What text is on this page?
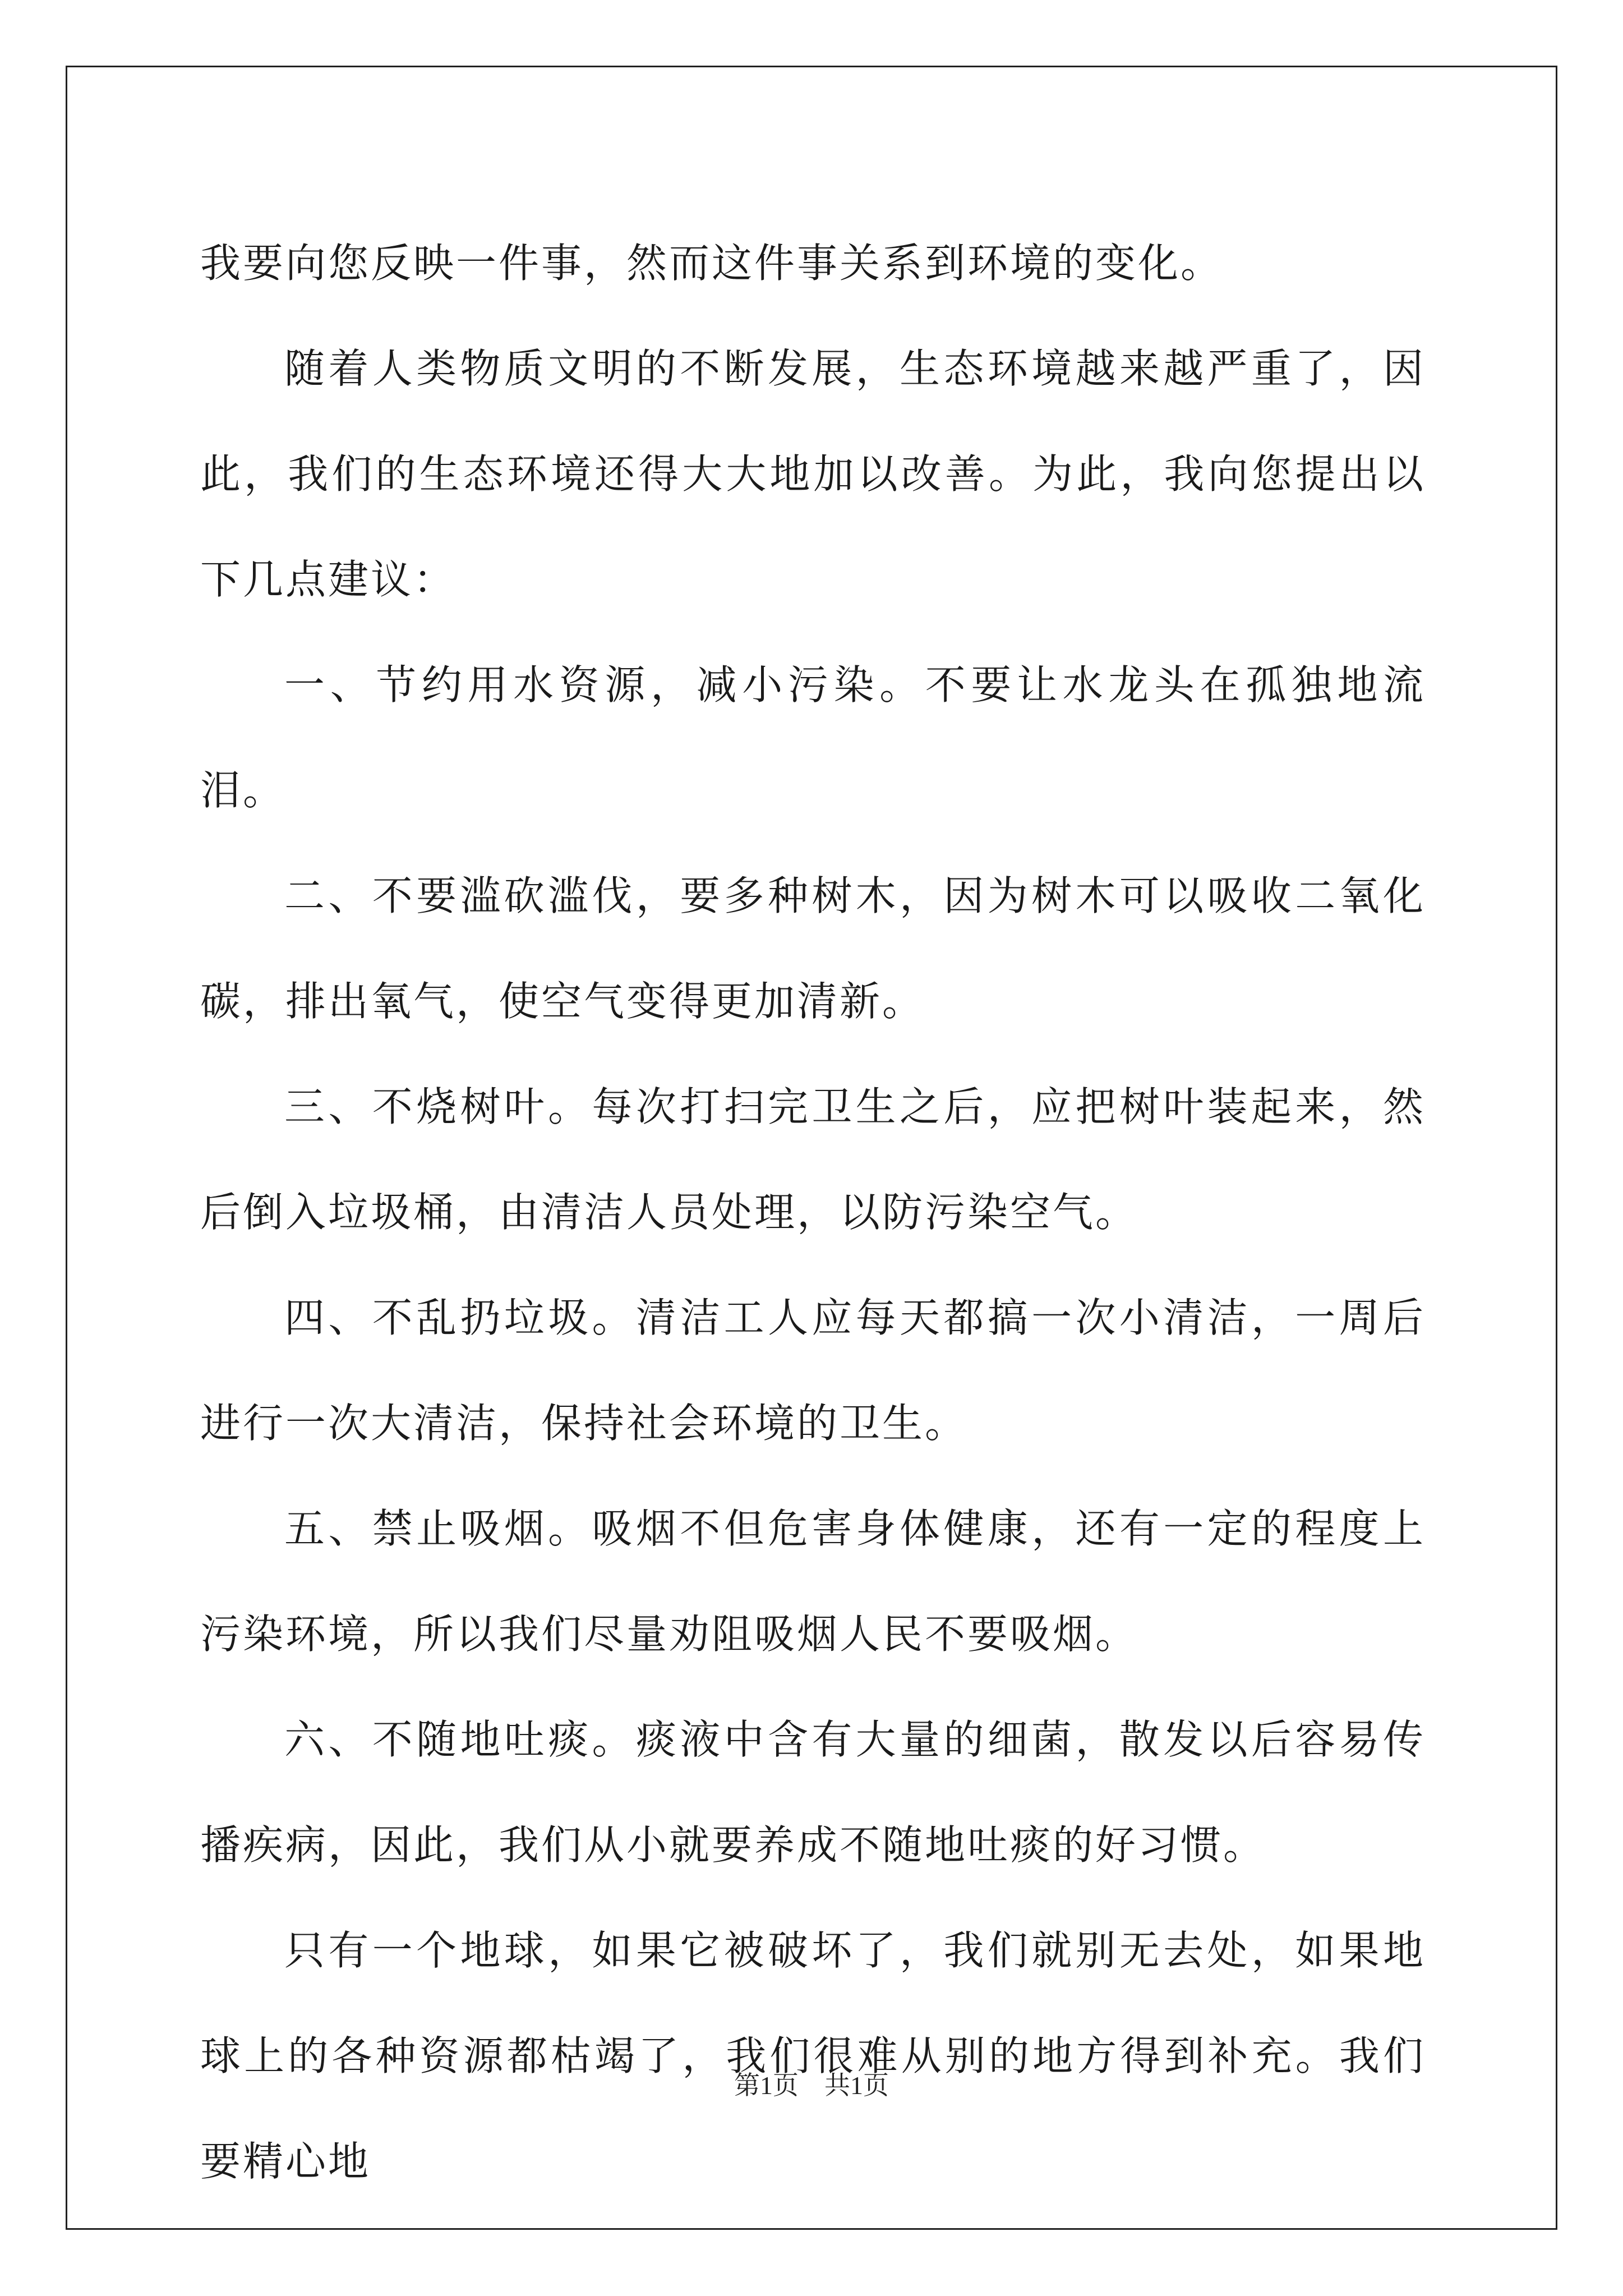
我要向您反映一件事，然而这件事关系到环境的变化。

随着人类物质文明的不断发展，生态环境越来越严重了，因此，我们的生态环境还得大大地加以改善。为此，我向您提出以下几点建议：

一、节约用水资源，减小污染。不要让水龙头在孤独地流泪。

二、不要滥砍滥伐，要多种树木，因为树木可以吸收二氧化碳，排出氧气，使空气变得更加清新。

三、不烧树叶。每次打扫完卫生之后，应把树叶装起来，然后倒入垃圾桶，由清洁人员处理，以防污染空气。

四、不乱扔垃圾。清洁工人应每天都搞一次小清洁，一周后进行一次大清洁，保持社会环境的卫生。

五、禁止吸烟。吸烟不但危害身体健康，还有一定的程度上污染环境，所以我们尽量劝阻吸烟人民不要吸烟。

六、不随地吐痰。痰液中含有大量的细菌，散发以后容易传播疾病，因此，我们从小就要养成不随地吐痰的好习惯。

只有一个地球，如果它被破坏了，我们就别无去处，如果地球上的各种资源都枯竭了，我们很难从别的地方得到补充。我们要精心地

第1页　共1页
